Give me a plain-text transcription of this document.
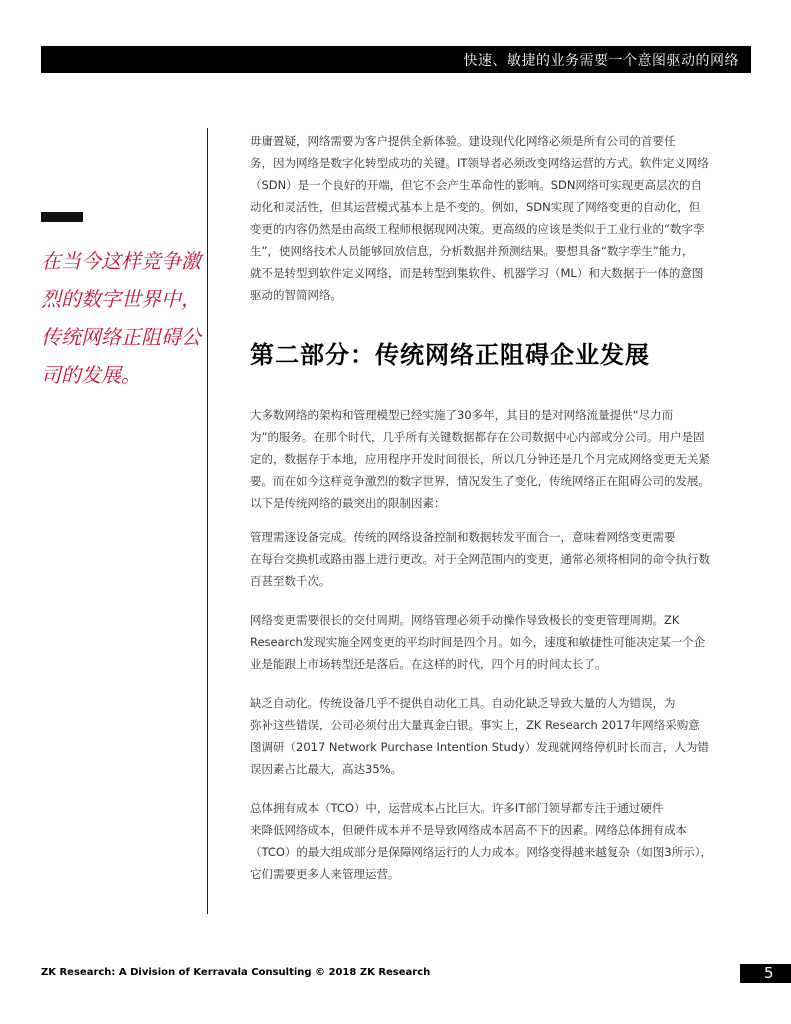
快速、敏捷的业务需要一个意图驱动的网络
在当今这样竞争激
烈的数字世界中，
传统网络正阻碍公
司的发展。
毋庸置疑，网络需要为客户提供全新体验。建设现代化网络必须是所有公司的首要任
务，因为网络是数字化转型成功的关键。IT领导者必须改变网络运营的方式。软件定义网络
（SDN）是一个良好的开端，但它不会产生革命性的影响。SDN网络可实现更高层次的自
动化和灵活性，但其运营模式基本上是不变的。例如，SDN实现了网络变更的自动化，但
变更的内容仍然是由高级工程师根据现网决策。更高级的应该是类似于工业行业的“数字孪
生”，使网络技术人员能够回放信息，分析数据并预测结果。要想具备“数字孪生”能力，
就不是转型到软件定义网络，而是转型到集软件、机器学习（ML）和大数据于一体的意图
驱动的智简网络。
第二部分：传统网络正阻碍企业发展
大多数网络的架构和管理模型已经实施了30多年，其目的是对网络流量提供“尽力而
为”的服务。在那个时代，几乎所有关键数据都存在公司数据中心内部或分公司。用户是固
定的，数据存于本地，应用程序开发时间很长，所以几分钟还是几个月完成网络变更无关紧
要。而在如今这样竞争激烈的数字世界，情况发生了变化，传统网络正在阻碍公司的发展。
以下是传统网络的最突出的限制因素：
管理需逐设备完成。传统的网络设备控制和数据转发平面合一，意味着网络变更需要
在每台交换机或路由器上进行更改。对于全网范围内的变更，通常必须将相同的命令执行数
百甚至数千次。
网络变更需要很长的交付周期。网络管理必须手动操作导致极长的变更管理周期。ZK
Research发现实施全网变更的平均时间是四个月。如今，速度和敏捷性可能决定某一个企
业是能跟上市场转型还是落后。在这样的时代，四个月的时间太长了。
缺乏自动化。传统设备几乎不提供自动化工具。自动化缺乏导致大量的人为错误，为
弥补这些错误，公司必须付出大量真金白银。事实上，ZK Research 2017年网络采购意
图调研（2017 Network Purchase Intention Study）发现就网络停机时长而言，人为错
误因素占比最大，高达35%。
总体拥有成本（TCO）中，运营成本占比巨大。许多IT部门领导都专注于通过硬件
来降低网络成本，但硬件成本并不是导致网络成本居高不下的因素。网络总体拥有成本
（TCO）的最大组成部分是保障网络运行的人力成本。网络变得越来越复杂（如图3所示），
它们需要更多人来管理运营。
ZK Research: A Division of Kerravala Consulting © 2018 ZK Research	5
